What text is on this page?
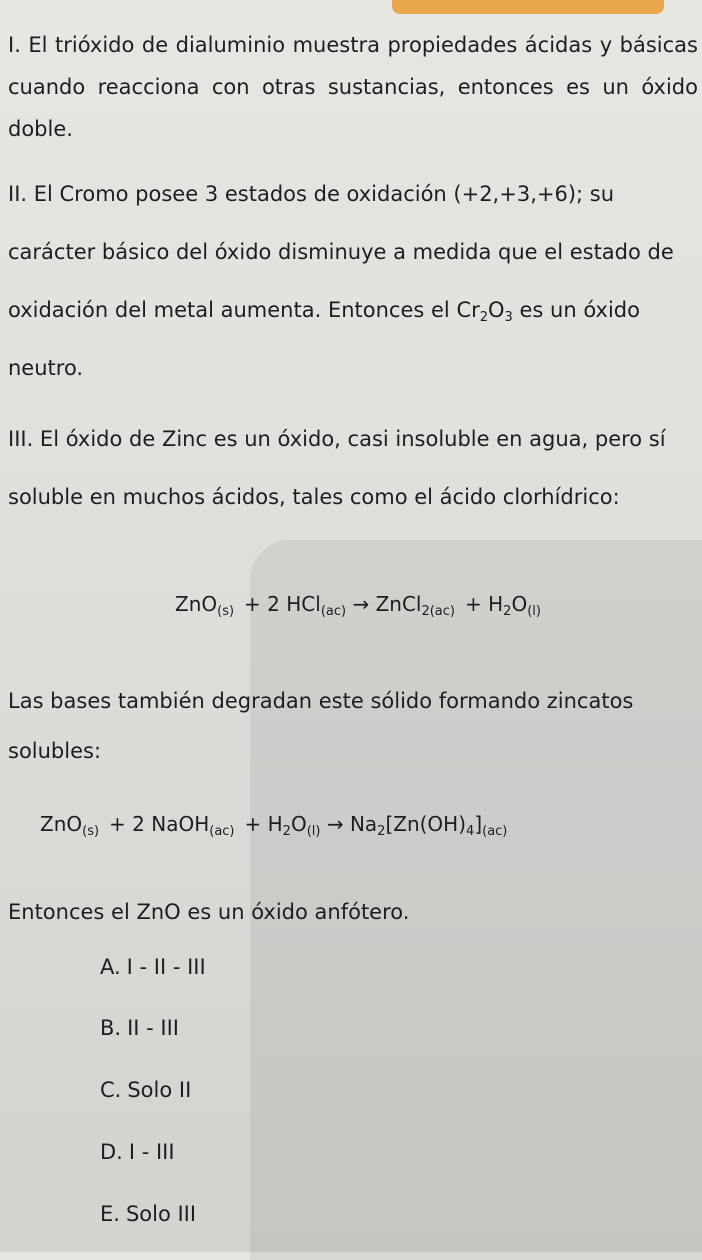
I. El trióxido de dialuminio muestra propiedades ácidas y básicas cuando reacciona con otras sustancias, entonces es un óxido doble.

II. El Cromo posee 3 estados de oxidación (+2,+3,+6); su carácter básico del óxido disminuye a medida que el estado de oxidación del metal aumenta. Entonces el $Cr_2O_3$ es un óxido neutro.

III. El óxido de Zinc es un óxido, casi insoluble en agua, pero sí soluble en muchos ácidos, tales como el ácido clorhídrico:

ZnO$_{(s)}$ + 2 HCl$_{(ac)}$ → ZnCl$_{2(ac)}$ + $H_2O_{(l)}$

Las bases también degradan este sólido formando zincatos solubles:

ZnO$_{(s)}$ + 2 NaOH$_{(ac)}$ + $H_2O_{(l)} \to Na_2[Zn(OH)_4]_{(ac)}$

Entonces el ZnO es un óxido anfótero.

A. I - II - III

B. II - III

C. Solo II

D. I - III

E. Solo III
